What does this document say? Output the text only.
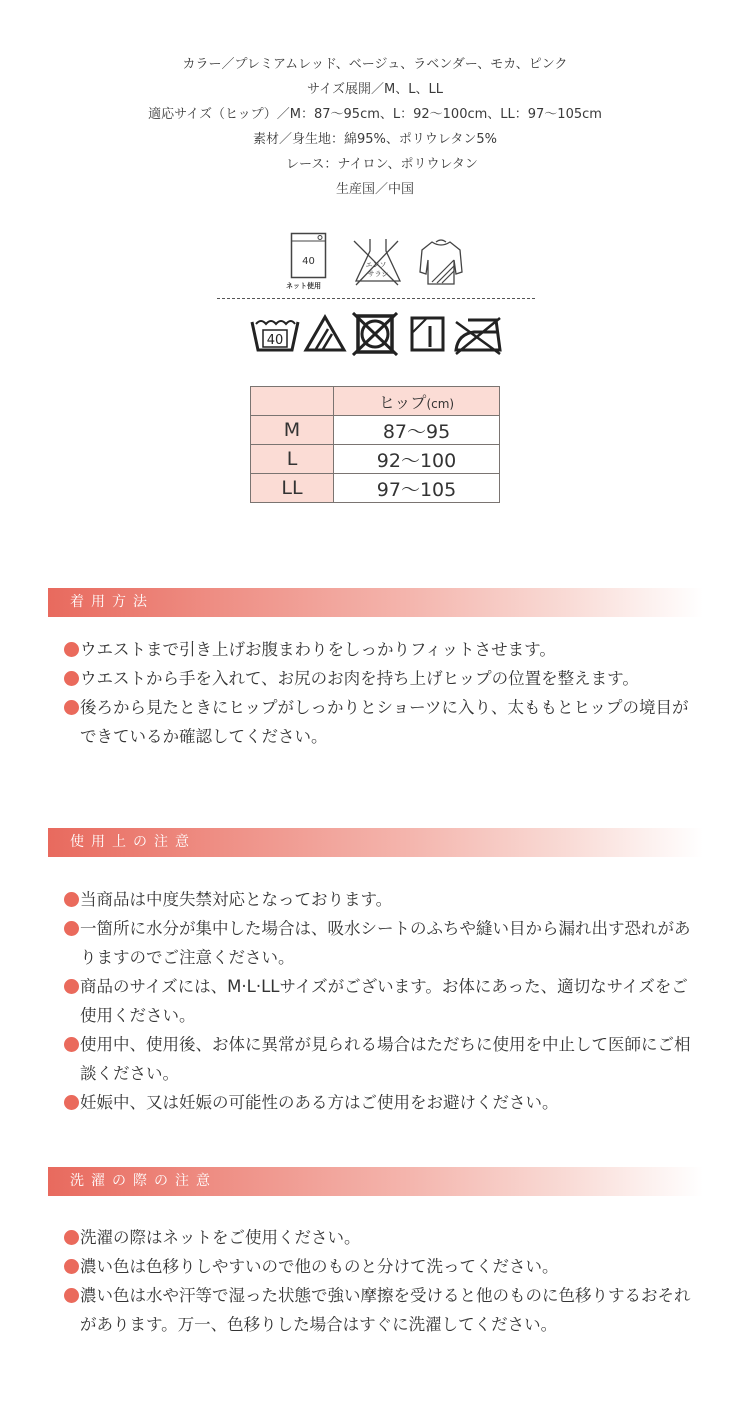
カラー／プレミアムレッド、ベージュ、ラベンダー、モカ、ピンク
サイズ展開／M、L、LL
適応サイズ（ヒップ）／M：87〜95cm、L：92〜100cm、LL：97〜105cm
素材／身生地：綿95%、ポリウレタン5%
レース：ナイロン、ポリウレタン
生産国／中国
40
ネット使用
エンソ
サラシ
40
	ヒップ(cm)
M	87〜95
L	92〜100
LL	97〜105
着用方法
ウエストまで引き上げお腹まわりをしっかりフィットさせます。
ウエストから手を入れて、お尻のお肉を持ち上げヒップの位置を整えます。
後ろから見たときにヒップがしっかりとショーツに入り、太ももとヒップの境目ができているか確認してください。
使用上の注意
当商品は中度失禁対応となっております。
一箇所に水分が集中した場合は、吸水シートのふちや縫い目から漏れ出す恐れがありますのでご注意ください。
商品のサイズには、M·L·LLサイズがございます。お体にあった、適切なサイズをご使用ください。
使用中、使用後、お体に異常が見られる場合はただちに使用を中止して医師にご相談ください。
妊娠中、又は妊娠の可能性のある方はご使用をお避けください。
洗濯の際の注意
洗濯の際はネットをご使用ください。
濃い色は色移りしやすいので他のものと分けて洗ってください。
濃い色は水や汗等で湿った状態で強い摩擦を受けると他のものに色移りするおそれがあります。万一、色移りした場合はすぐに洗濯してください。
